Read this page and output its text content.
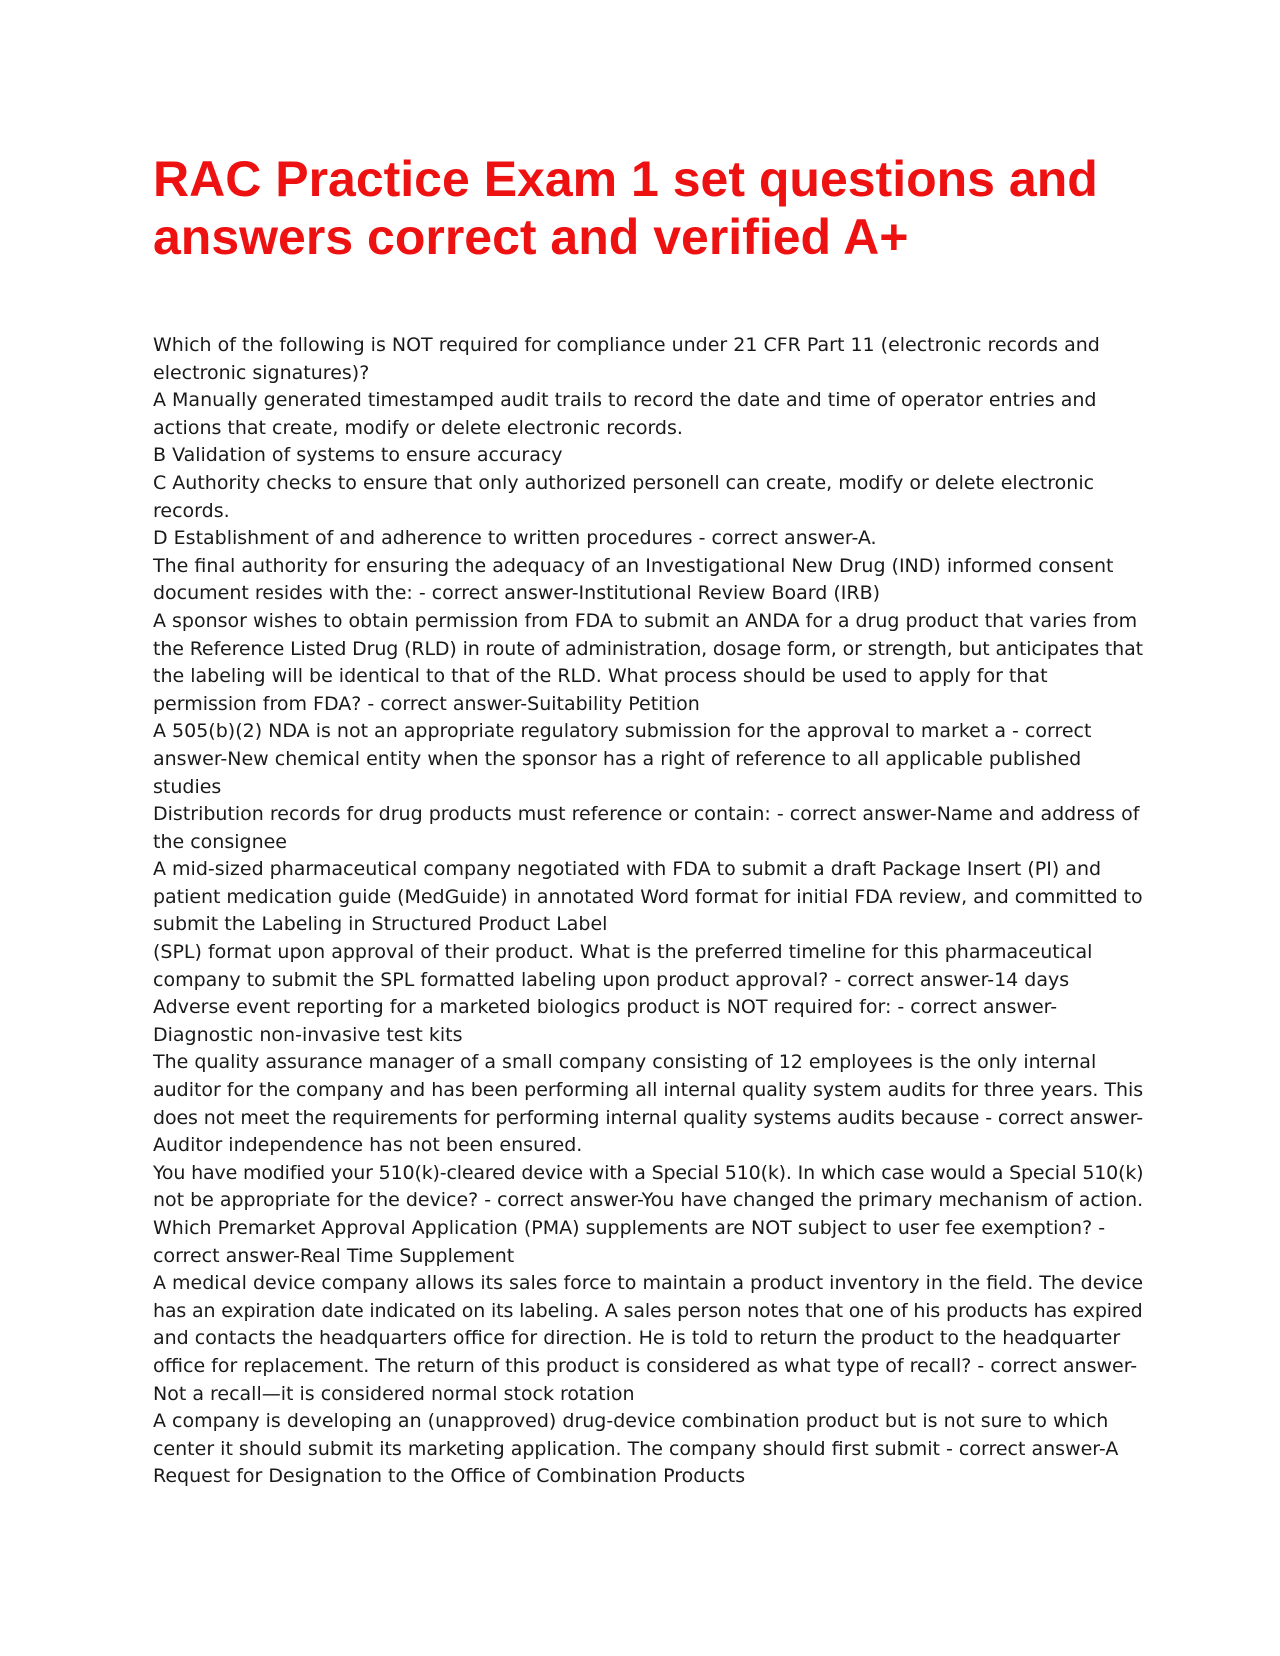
RAC Practice Exam 1 set questions and
answers correct and verified A+
Which of the following is NOT required for compliance under 21 CFR Part 11 (electronic records and
electronic signatures)?
A Manually generated timestamped audit trails to record the date and time of operator entries and
actions that create, modify or delete electronic records.
B Validation of systems to ensure accuracy
C Authority checks to ensure that only authorized personell can create, modify or delete electronic
records.
D Establishment of and adherence to written procedures - correct answer-A.
The final authority for ensuring the adequacy of an Investigational New Drug (IND) informed consent
document resides with the: - correct answer-Institutional Review Board (IRB)
A sponsor wishes to obtain permission from FDA to submit an ANDA for a drug product that varies from
the Reference Listed Drug (RLD) in route of administration, dosage form, or strength, but anticipates that
the labeling will be identical to that of the RLD. What process should be used to apply for that
permission from FDA? - correct answer-Suitability Petition
A 505(b)(2) NDA is not an appropriate regulatory submission for the approval to market a - correct
answer-New chemical entity when the sponsor has a right of reference to all applicable published
studies
Distribution records for drug products must reference or contain: - correct answer-Name and address of
the consignee
A mid-sized pharmaceutical company negotiated with FDA to submit a draft Package Insert (PI) and
patient medication guide (MedGuide) in annotated Word format for initial FDA review, and committed to
submit the Labeling in Structured Product Label
(SPL) format upon approval of their product. What is the preferred timeline for this pharmaceutical
company to submit the SPL formatted labeling upon product approval? - correct answer-14 days
Adverse event reporting for a marketed biologics product is NOT required for: - correct answer-
Diagnostic non-invasive test kits
The quality assurance manager of a small company consisting of 12 employees is the only internal
auditor for the company and has been performing all internal quality system audits for three years. This
does not meet the requirements for performing internal quality systems audits because - correct answer-
Auditor independence has not been ensured.
You have modified your 510(k)-cleared device with a Special 510(k). In which case would a Special 510(k)
not be appropriate for the device? - correct answer-You have changed the primary mechanism of action.
Which Premarket Approval Application (PMA) supplements are NOT subject to user fee exemption? -
correct answer-Real Time Supplement
A medical device company allows its sales force to maintain a product inventory in the field. The device
has an expiration date indicated on its labeling. A sales person notes that one of his products has expired
and contacts the headquarters office for direction. He is told to return the product to the headquarter
office for replacement. The return of this product is considered as what type of recall? - correct answer-
Not a recall—it is considered normal stock rotation
A company is developing an (unapproved) drug-device combination product but is not sure to which
center it should submit its marketing application. The company should first submit - correct answer-A
Request for Designation to the Office of Combination Products
